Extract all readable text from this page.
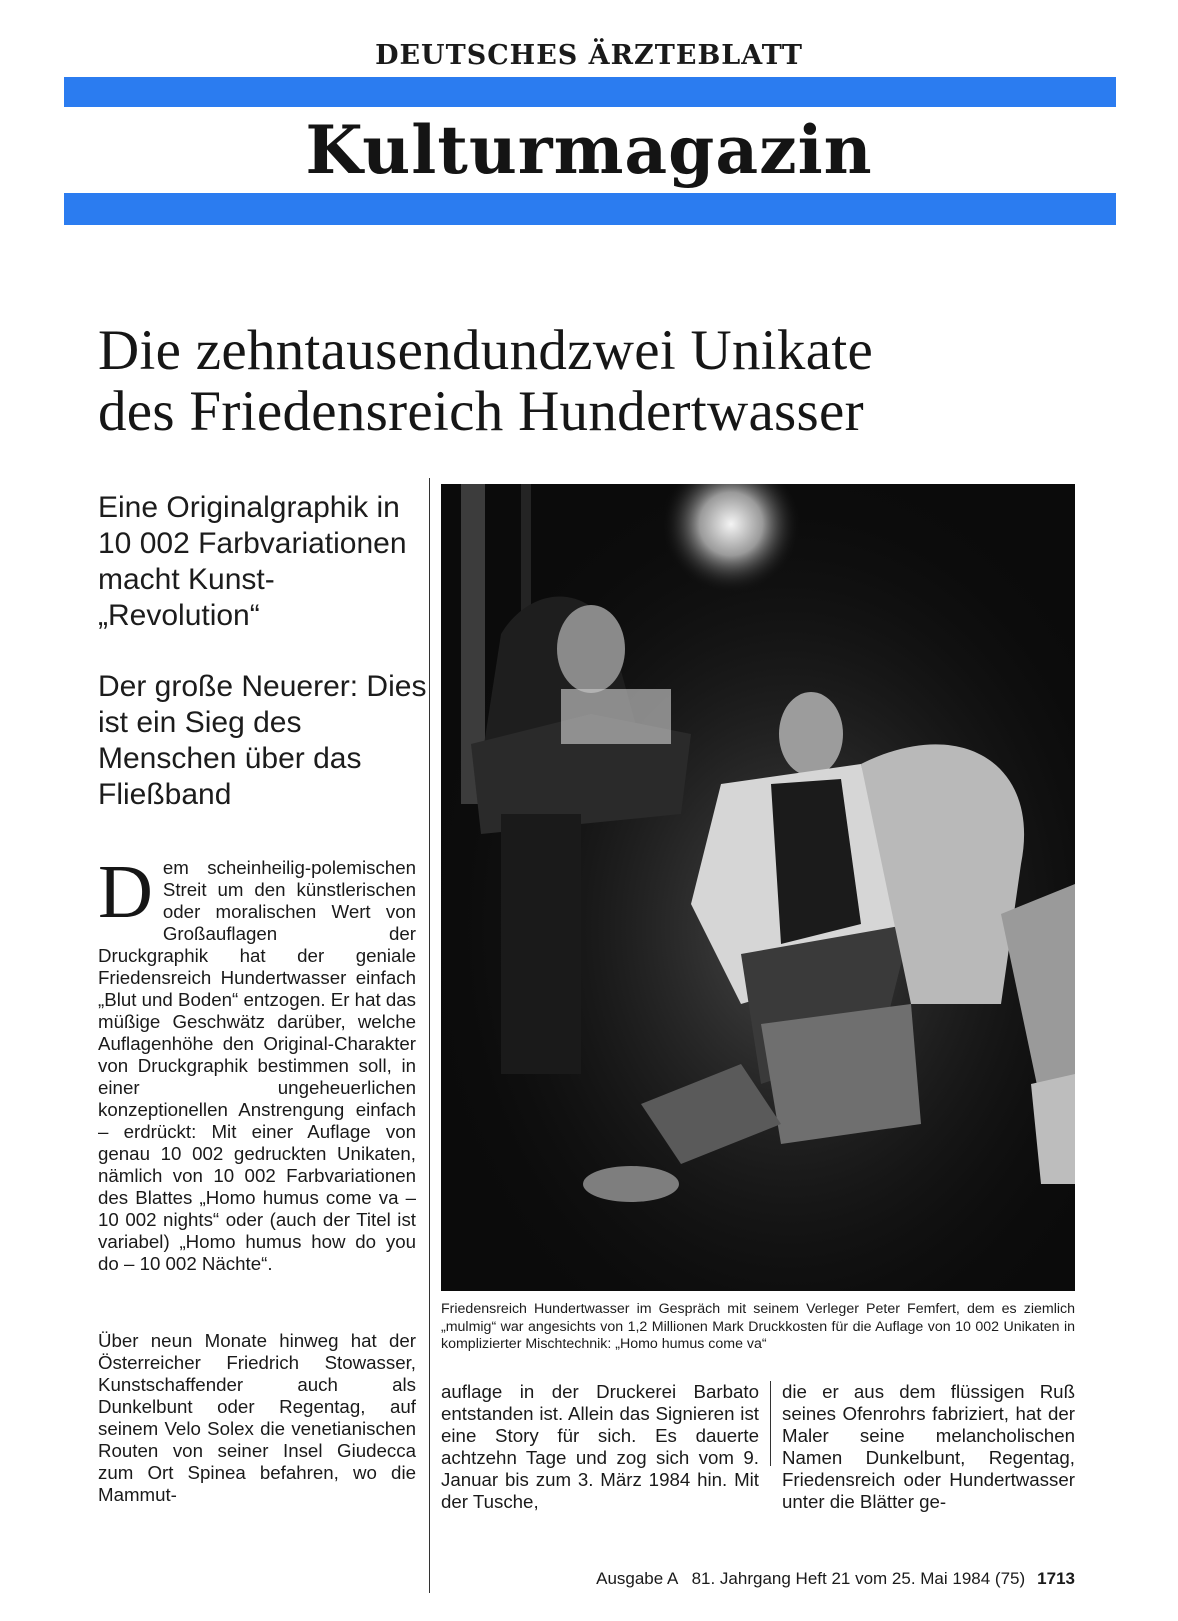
DEUTSCHES ÄRZTEBLATT
Kulturmagazin
Die zehntausendundzwei Unikate
des Friedensreich Hundertwasser
Eine Originalgraphik in 10 002 Farbvariationen macht Kunst-„Revolution“
Der große Neuerer: Dies ist ein Sieg des Menschen über das Fließband
Dem scheinheilig-polemischen Streit um den künstlerischen oder moralischen Wert von Großauflagen der Druckgraphik hat der geniale Friedensreich Hundertwasser einfach „Blut und Boden“ entzogen. Er hat das müßige Geschwätz darüber, welche Auflagenhöhe den Original-Charakter von Druckgraphik bestimmen soll, in einer ungeheuerlichen konzeptionellen Anstrengung einfach – erdrückt: Mit einer Auflage von genau 10 002 gedruckten Unikaten, nämlich von 10 002 Farbvariationen des Blattes „Homo humus come va – 10 002 nights“ oder (auch der Titel ist variabel) „Homo humus how do you do – 10 002 Nächte“.
Über neun Monate hinweg hat der Österreicher Friedrich Stowasser, Kunstschaffender auch als Dunkelbunt oder Regentag, auf seinem Velo Solex die venetianischen Routen von seiner Insel Giudecca zum Ort Spinea befahren, wo die Mammut-
Friedensreich Hundertwasser im Gespräch mit seinem Verleger Peter Femfert, dem es ziemlich „mulmig“ war angesichts von 1,2 Millionen Mark Druckkosten für die Auflage von 10 002 Unikaten in komplizierter Mischtechnik: „Homo humus come va“
auflage in der Druckerei Barbato entstanden ist. Allein das Signieren ist eine Story für sich. Es dauerte achtzehn Tage und zog sich vom 9. Januar bis zum 3. März 1984 hin. Mit der Tusche,
die er aus dem flüssigen Ruß seines Ofenrohrs fabriziert, hat der Maler seine melancholischen Namen Dunkelbunt, Regentag, Friedensreich oder Hundertwasser unter die Blätter ge-
Ausgabe A   81. Jahrgang Heft 21 vom 25. Mai 1984 (75) 1713
